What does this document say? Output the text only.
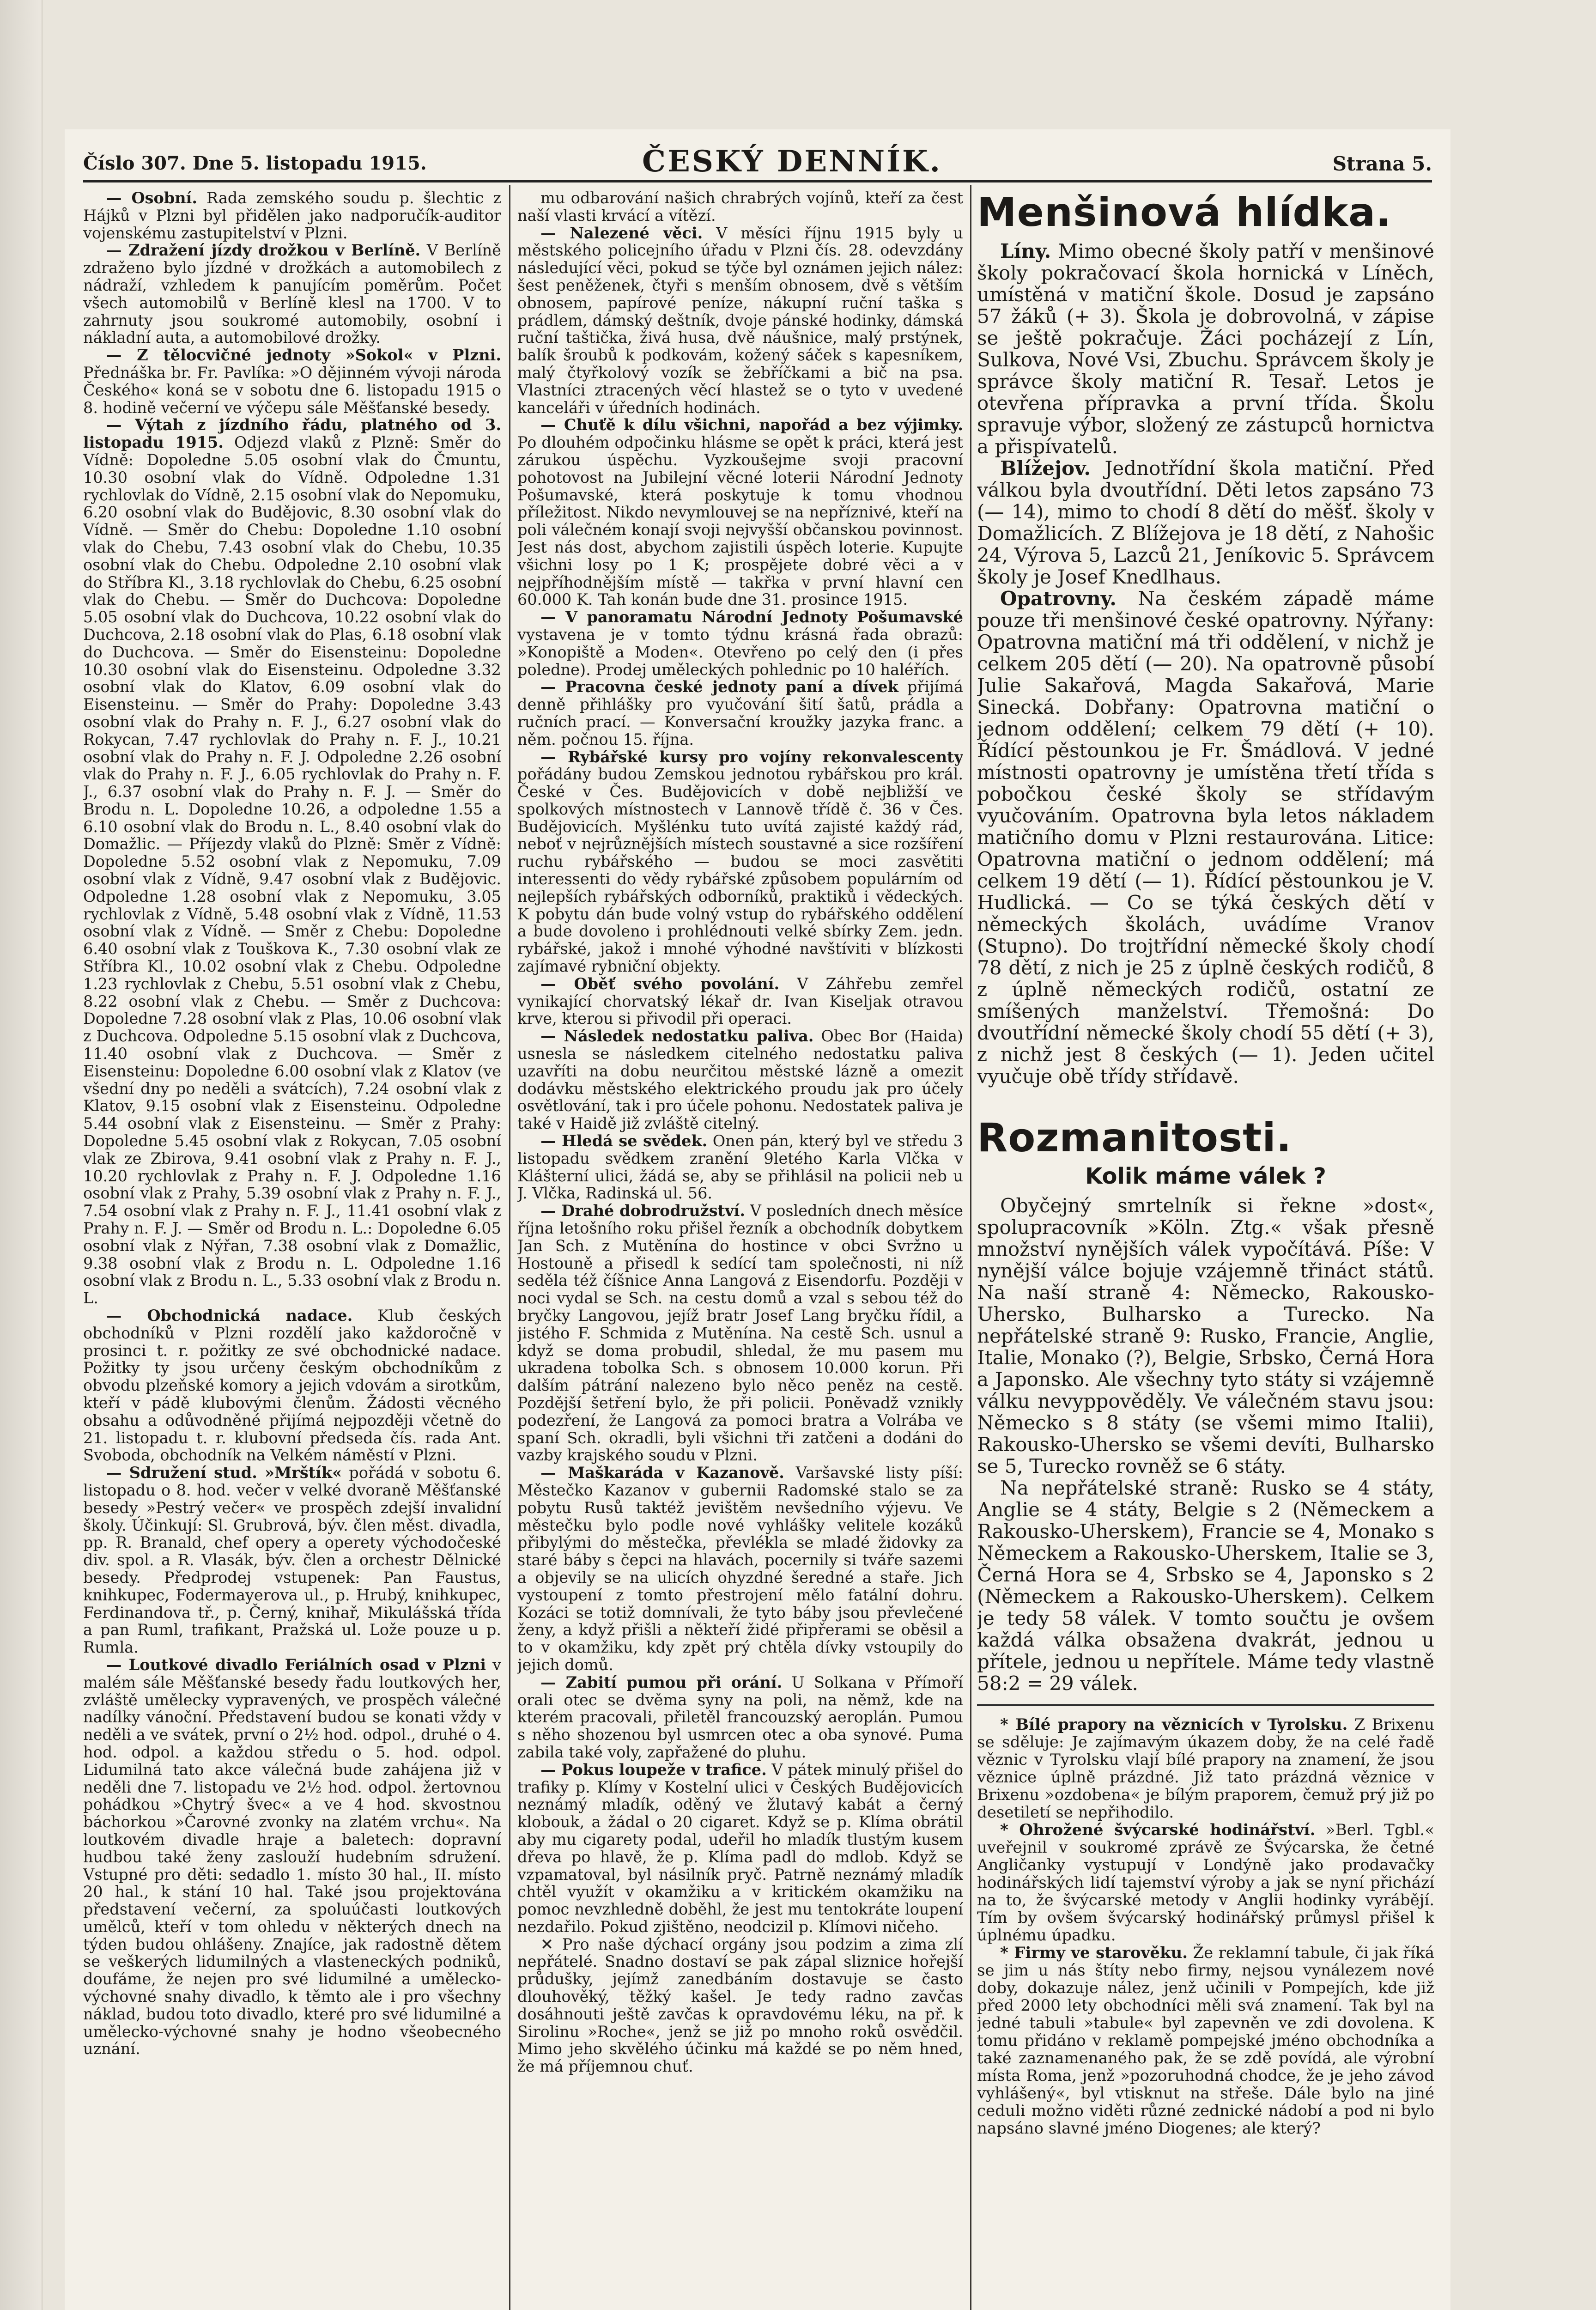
Číslo 307. Dne 5. listopadu 1915.	ČESKÝ DENNÍK.	Strana 5.

— Osobní. Rada zemského soudu p. šlechtic z Hájků v Plzni byl přidělen jako nadporučík-auditor vojenskému zastupitelství v Plzni.

— Zdražení jízdy drožkou v Berlíně. V Berlíně zdraženo bylo jízdné v drožkách a automobilech z nádraží, vzhledem k panujícím poměrům. Počet všech automobilů v Berlíně klesl na 1700. V to zahrnuty jsou soukromé automobily, osobní i nákladní auta, a automobilové drožky.

— Z tělocvičné jednoty »Sokol« v Plzni. Přednáška br. Fr. Pavlíka: »O dějinném vývoji národa Českého« koná se v sobotu dne 6. listopadu 1915 o 8. hodině večerní ve výčepu sále Měšťanské besedy.

— Výtah z jízdního řádu, platného od 3. listopadu 1915. Odjezd vlaků z Plzně: Směr do Vídně: Dopoledne 5.05 osobní vlak do Čmuntu, 10.30 osobní vlak do Vídně. Odpoledne 1.31 rychlovlak do Vídně, 2.15 osobní vlak do Nepomuku, 6.20 osobní vlak do Budějovic, 8.30 osobní vlak do Vídně. — Směr do Chebu: Dopoledne 1.10 osobní vlak do Chebu, 7.43 osobní vlak do Chebu, 10.35 osobní vlak do Chebu. Odpoledne 2.10 osobní vlak do Stříbra Kl., 3.18 rychlovlak do Chebu, 6.25 osobní vlak do Chebu. — Směr do Duchcova: Dopoledne 5.05 osobní vlak do Duchcova, 10.22 osobní vlak do Duchcova, 2.18 osobní vlak do Plas, 6.18 osobní vlak do Duchcova. — Směr do Eisensteinu: Dopoledne 10.30 osobní vlak do Eisensteinu. Odpoledne 3.32 osobní vlak do Klatov, 6.09 osobní vlak do Eisensteinu. — Směr do Prahy: Dopoledne 3.43 osobní vlak do Prahy n. F. J., 6.27 osobní vlak do Rokycan, 7.47 rychlovlak do Prahy n. F. J., 10.21 osobní vlak do Prahy n. F. J. Odpoledne 2.26 osobní vlak do Prahy n. F. J., 6.05 rychlovlak do Prahy n. F. J., 6.37 osobní vlak do Prahy n. F. J. — Směr do Brodu n. L. Dopoledne 10.26, a odpoledne 1.55 a 6.10 osobní vlak do Brodu n. L., 8.40 osobní vlak do Domažlic. — Příjezdy vlaků do Plzně: Směr z Vídně: Dopoledne 5.52 osobní vlak z Nepomuku, 7.09 osobní vlak z Vídně, 9.47 osobní vlak z Budějovic. Odpoledne 1.28 osobní vlak z Nepomuku, 3.05 rychlovlak z Vídně, 5.48 osobní vlak z Vídně, 11.53 osobní vlak z Vídně. — Směr z Chebu: Dopoledne 6.40 osobní vlak z Touškova K., 7.30 osobní vlak ze Stříbra Kl., 10.02 osobní vlak z Chebu. Odpoledne 1.23 rychlovlak z Chebu, 5.51 osobní vlak z Chebu, 8.22 osobní vlak z Chebu. — Směr z Duchcova: Dopoledne 7.28 osobní vlak z Plas, 10.06 osobní vlak z Duchcova. Odpoledne 5.15 osobní vlak z Duchcova, 11.40 osobní vlak z Duchcova. — Směr z Eisensteinu: Dopoledne 6.00 osobní vlak z Klatov (ve všední dny po neděli a svátcích), 7.24 osobní vlak z Klatov, 9.15 osobní vlak z Eisensteinu. Odpoledne 5.44 osobní vlak z Eisensteinu. — Směr z Prahy: Dopoledne 5.45 osobní vlak z Rokycan, 7.05 osobní vlak ze Zbirova, 9.41 osobní vlak z Prahy n. F. J., 10.20 rychlovlak z Prahy n. F. J. Odpoledne 1.16 osobní vlak z Prahy, 5.39 osobní vlak z Prahy n. F. J., 7.54 osobní vlak z Prahy n. F. J., 11.41 osobní vlak z Prahy n. F. J. — Směr od Brodu n. L.: Dopoledne 6.05 osobní vlak z Nýřan, 7.38 osobní vlak z Domažlic, 9.38 osobní vlak z Brodu n. L. Odpoledne 1.16 osobní vlak z Brodu n. L., 5.33 osobní vlak z Brodu n. L.

— Obchodnická nadace. Klub českých obchodníků v Plzni rozdělí jako každoročně v prosinci t. r. požitky ze své obchodnické nadace. Požitky ty jsou určeny českým obchodníkům z obvodu plzeňské komory a jejich vdovám a sirotkům, kteří v pádě klubovými členům. Žádosti věcného obsahu a odůvodněné přijímá nejpozději včetně do 21. listopadu t. r. klubovní předseda čís. rada Ant. Svoboda, obchodník na Velkém náměstí v Plzni.

— Sdružení stud. »Mrštík« pořádá v sobotu 6. listopadu o 8. hod. večer v velké dvoraně Měšťanské besedy »Pestrý večer« ve prospěch zdejší invalidní školy. Účinkují: Sl. Grubrová, býv. člen měst. divadla, pp. R. Branald, chef opery a operety východočeské div. spol. a R. Vlasák, býv. člen a orchestr Dělnické besedy. Předprodej vstupenek: Pan Faustus, knihkupec, Fodermayerova ul., p. Hrubý, knihkupec, Ferdinandova tř., p. Černý, knihař, Mikulášská třída a pan Ruml, trafikant, Pražská ul. Lože pouze u p. Rumla.

— Loutkové divadlo Feriálních osad v Plzni v malém sále Měšťanské besedy řadu loutkových her, zvláště umělecky vypravených, ve prospěch válečné nadílky vánoční. Představení budou se konati vždy v neděli a ve svátek, první o 2½ hod. odpol., druhé o 4. hod. odpol. a každou středu o 5. hod. odpol. Lidumilná tato akce válečná bude zahájena již v neděli dne 7. listopadu ve 2½ hod. odpol. žertovnou pohádkou »Chytrý švec« a ve 4 hod. skvostnou báchorkou »Čarovné zvonky na zlatém vrchu«. Na loutkovém divadle hraje a baletech: dopravní hudbou také ženy zaslouží hudebním sdružení. Vstupné pro děti: sedadlo 1. místo 30 hal., II. místo 20 hal., k stání 10 hal. Také jsou projektována představení večerní, za spoluúčasti loutkových umělců, kteří v tom ohledu v některých dnech na týden budou ohlášeny. Znajíce, jak radostně dětem se veškerých lidumilných a vlasteneckých podniků, doufáme, že nejen pro své lidumilné a umělecko-výchovné snahy divadlo, k těmto ale i pro všechny náklad, budou toto divadlo, které pro své lidumilné a umělecko-výchovné snahy je hodno všeobecného uznání.

mu odbarování našich chrabrých vojínů, kteří za čest naší vlasti krvácí a vítězí.

— Nalezené věci. V měsíci říjnu 1915 byly u městského policejního úřadu v Plzni čís. 28. odevzdány následující věci, pokud se týče byl oznámen jejich nález: šest peněženek, čtyři s menším obnosem, dvě s větším obnosem, papírové peníze, nákupní ruční taška s prádlem, dámský deštník, dvoje pánské hodinky, dámská ruční taštička, živá husa, dvě náušnice, malý prstýnek, balík šroubů k podkovám, kožený sáček s kapesníkem, malý čtyřkolový vozík se žebříčkami a bič na psa. Vlastníci ztracených věcí hlastež se o tyto v uvedené kanceláři v úředních hodinách.

— Chuťě k dílu všichni, napořád a bez výjimky. Po dlouhém odpočinku hlásme se opět k práci, která jest zárukou úspěchu. Vyzkoušejme svoji pracovní pohotovost na Jubilejní věcné loterii Národní Jednoty Pošumavské, která poskytuje k tomu vhodnou příležitost. Nikdo nevymlouvej se na nepříznivé, kteří na poli válečném konají svoji nejvyšší občanskou povinnost. Jest nás dost, abychom zajistili úspěch loterie. Kupujte všichni losy po 1 K; prospějete dobré věci a v nejpříhodnějším místě — takřka v první hlavní cen 60.000 K. Tah konán bude dne 31. prosince 1915.

— V panoramatu Národní Jednoty Pošumavské vystavena je v tomto týdnu krásná řada obrazů: »Konopiště a Moden«. Otevřeno po celý den (i přes poledne). Prodej uměleckých pohlednic po 10 haléřích.

— Pracovna české jednoty paní a dívek přijímá denně přihlášky pro vyučování šití šatů, prádla a ručních prací. — Konversační kroužky jazyka franc. a něm. počnou 15. října.

— Rybářské kursy pro vojíny rekonvalescenty pořádány budou Zemskou jednotou rybářskou pro král. České v Čes. Budějovicích v době nejbližší ve spolkových místnostech v Lannově třídě č. 36 v Čes. Budějovicích. Myšlénku tuto uvítá zajisté každý rád, neboť v nejrůznějších místech soustavné a sice rozšíření ruchu rybářského — budou se moci zasvětiti interessenti do vědy rybářské způsobem populárním od nejlepších rybářských odborníků, praktiků i vědeckých. K pobytu dán bude volný vstup do rybářského oddělení a bude dovoleno i prohlédnouti velké sbírky Zem. jedn. rybářské, jakož i mnohé výhodné navštíviti v blízkosti zajímavé rybniční objekty.

— Oběť svého povolání. V Záhřebu zemřel vynikající chorvatský lékař dr. Ivan Kiseljak otravou krve, kterou si přivodil při operaci.

— Následek nedostatku paliva. Obec Bor (Haida) usnesla se následkem citelného nedostatku paliva uzavříti na dobu neurčitou městské lázně a omezit dodávku městského elektrického proudu jak pro účely osvětlování, tak i pro účele pohonu. Nedostatek paliva je také v Haidě již zvláště citelný.

— Hledá se svědek. Onen pán, který byl ve středu 3 listopadu svědkem zranění 9letého Karla Vlčka v Klášterní ulici, žádá se, aby se přihlásil na policii neb u J. Vlčka, Radinská ul. 56.

— Drahé dobrodružství. V posledních dnech měsíce října letošního roku přišel řezník a obchodník dobytkem Jan Sch. z Mutěnína do hostince v obci Svržno u Hostouně a přisedl k sedící tam společnosti, ni níž seděla též číšnice Anna Langová z Eisendorfu. Později v noci vydal se Sch. na cestu domů a vzal s sebou též do bryčky Langovou, jejíž bratr Josef Lang bryčku řídil, a jistého F. Schmida z Mutěnína. Na cestě Sch. usnul a když se doma probudil, shledal, že mu pasem mu ukradena tobolka Sch. s obnosem 10.000 korun. Při dalším pátrání nalezeno bylo něco peněz na cestě. Pozdější šetření bylo, že při policii. Poněvadž vznikly podezření, že Langová za pomoci bratra a Volrába ve spaní Sch. okradli, byli všichni tři zatčeni a dodáni do vazby krajského soudu v Plzni.

— Maškaráda v Kazanově. Varšavské listy píší: Městečko Kazanov v gubernii Radomské stalo se za pobytu Rusů taktéž jevištěm nevšedního výjevu. Ve městečku bylo podle nové vyhlášky velitele kozáků přibylými do městečka, převlékla se mladé židovky za staré báby s čepci na hlavách, pocernily si tváře sazemi a objevily se na ulicích ohyzdné šeredné a staře. Jich vystoupení z tomto přestrojení mělo fatální dohru. Kozáci se totiž domnívali, že tyto báby jsou převlečené ženy, a když přišli a někteří židé připřerami se oběsil a to v okamžiku, kdy zpět prý chtěla dívky vstoupily do jejich domů.

— Zabití pumou při orání. U Solkana v Přímoří orali otec se dvěma syny na poli, na němž, kde na kterém pracovali, přiletěl francouzský aeroplán. Pumou s něho shozenou byl usmrcen otec a oba synové. Puma zabila také voly, zapřažené do pluhu.

— Pokus loupeže v trafice. V pátek minulý přišel do trafiky p. Klímy v Kostelní ulici v Českých Budějovicích neznámý mladík, oděný ve žlutavý kabát a černý klobouk, a žádal o 20 cigaret. Když se p. Klíma obrátil aby mu cigarety podal, udeřil ho mladík tlustým kusem dřeva po hlavě, že p. Klíma padl do mdlob. Když se vzpamatoval, byl násilník pryč. Patrně neznámý mladík chtěl využít v okamžiku a v kritickém okamžiku na pomoc nevzhledně doběhl, že jest mu tentokráte loupení nezdařilo. Pokud zjištěno, neodcizil p. Klímovi ničeho.

✕ Pro naše dýchací orgány jsou podzim a zima zlí nepřátelé. Snadno dostaví se pak zápal sliznice hořejší průdušky, jejímž zanedbáním dostavuje se často dlouhověký, těžký kašel. Je tedy radno zavčas dosáhnouti ještě zavčas k opravdovému léku, na př. k Sirolinu »Roche«, jenž se již po mnoho roků osvědčil. Mimo jeho skvělého účinku má každé se po něm hned, že má příjemnou chuť.

Menšinová hlídka.

Líny. Mimo obecné školy patří v menšinové školy pokračovací škola hornická v Líněch, umístěná v matiční škole. Dosud je zapsáno 57 žáků (+ 3). Škola je dobrovolná, v zápise se ještě pokračuje. Žáci pocházejí z Lín, Sulkova, Nové Vsi, Zbuchu. Správcem školy je správce školy matiční R. Tesař. Letos je otevřena přípravka a první třída. Školu spravuje výbor, složený ze zástupců hornictva a přispívatelů.

Blížejov. Jednotřídní škola matiční. Před válkou byla dvoutřídní. Děti letos zapsáno 73 (— 14), mimo to chodí 8 dětí do měšť. školy v Domažlicích. Z Blížejova je 18 dětí, z Nahošic 24, Výrova 5, Lazců 21, Jeníkovic 5. Správcem školy je Josef Knedlhaus.

Opatrovny. Na českém západě máme pouze tři menšinové české opatrovny. Nýřany: Opatrovna matiční má tři oddělení, v nichž je celkem 205 dětí (— 20). Na opatrovně působí Julie Sakařová, Magda Sakařová, Marie Sinecká. Dobřany: Opatrovna matiční o jednom oddělení; celkem 79 dětí (+ 10). Řídící pěstounkou je Fr. Šmádlová. V jedné místnosti opatrovny je umístěna třetí třída s pobočkou české školy se střídavým vyučováním. Opatrovna byla letos nákladem matičního domu v Plzni restaurována. Litice: Opatrovna matiční o jednom oddělení; má celkem 19 dětí (— 1). Řídící pěstounkou je V. Hudlická. — Co se týká českých dětí v německých školách, uvádíme Vranov (Stupno). Do trojtřídní německé školy chodí 78 dětí, z nich je 25 z úplně českých rodičů, 8 z úplně německých rodičů, ostatní ze smíšených manželství. Třemošná: Do dvoutřídní německé školy chodí 55 dětí (+ 3), z nichž jest 8 českých (— 1). Jeden učitel vyučuje obě třídy střídavě.

Rozmanitosti.

Kolik máme válek ?

Obyčejný smrtelník si řekne »dost«, spolupracovník »Köln. Ztg.« však přesně množství nynějších válek vypočítává. Píše: V nynější válce bojuje vzájemně třináct států. Na naší straně 4: Německo, Rakousko-Uhersko, Bulharsko a Turecko. Na nepřátelské straně 9: Rusko, Francie, Anglie, Italie, Monako (?), Belgie, Srbsko, Černá Hora a Japonsko. Ale všechny tyto státy si vzájemně válku nevyppověděly. Ve válečném stavu jsou: Německo s 8 státy (se všemi mimo Italii), Rakousko-Uhersko se všemi devíti, Bulharsko se 5, Turecko rovněž se 6 státy.

Na nepřátelské straně: Rusko se 4 státy, Anglie se 4 státy, Belgie s 2 (Německem a Rakousko-Uherskem), Francie se 4, Monako s Německem a Rakousko-Uherskem, Italie se 3, Černá Hora se 4, Srbsko se 4, Japonsko s 2 (Německem a Rakousko-Uherskem). Celkem je tedy 58 válek. V tomto součtu je ovšem každá válka obsažena dvakrát, jednou u přítele, jednou u nepřítele. Máme tedy vlastně 58:2 = 29 válek.

* Bílé prapory na věznicích v Tyrolsku. Z Brixenu se sděluje: Je zajímavým úkazem doby, že na celé řadě věznic v Tyrolsku vlají bílé prapory na znamení, že jsou věznice úplně prázdné. Již tato prázdná věznice v Brixenu »ozdobena« je bílým praporem, čemuž prý již po desetiletí se nepřihodilo.

* Ohrožené švýcarské hodinářství. »Berl. Tgbl.« uveřejnil v soukromé zprávě ze Švýcarska, že četné Angličanky vystupují v Londýně jako prodavačky hodinářských lidí tajemství výroby a jak se nyní přichází na to, že švýcarské metody v Anglii hodinky vyrábějí. Tím by ovšem švýcarský hodinářský průmysl přišel k úplnému úpadku.

* Firmy ve starověku. Že reklamní tabule, či jak říká se jim u nás štíty nebo firmy, nejsou vynálezem nové doby, dokazuje nález, jenž učinili v Pompejích, kde již před 2000 lety obchodníci měli svá znamení. Tak byl na jedné tabuli »tabule« byl zapevněn ve zdi dovolena. K tomu přidáno v reklamě pompejské jméno obchodníka a také zaznamenaného pak, že se zdě povídá, ale výrobní místa Roma, jenž »pozoruhodná chodce, že je jeho závod vyhlášený«, byl vtisknut na střeše. Dále bylo na jiné ceduli možno viděti různé zednické nádobí a pod ni bylo napsáno slavné jméno Diogenes; ale který?
